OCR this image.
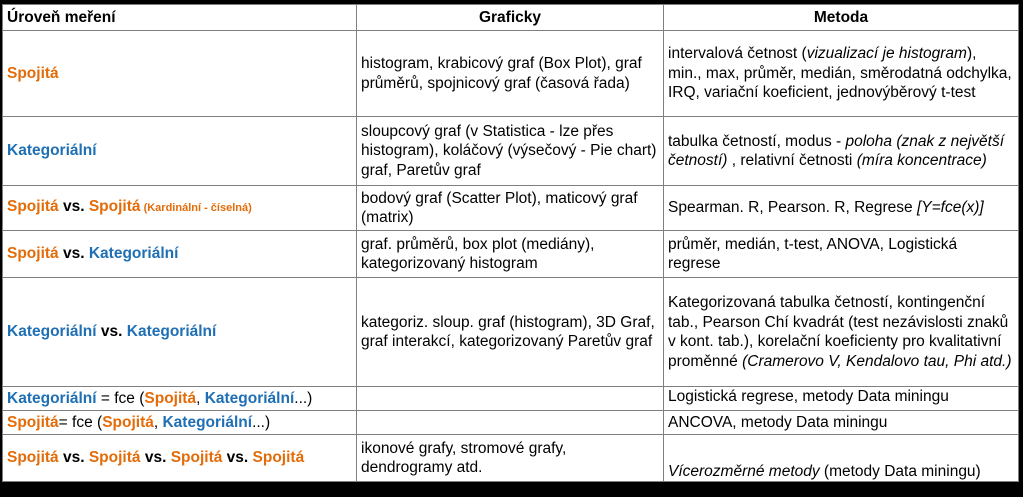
Úroveň meření	Graficky	Metoda
Spojitá	histogram, krabicový graf (Box Plot), graf průměrů, spojnicový graf (časová řada)	intervalová četnost (vizualizací je histogram), min., max, průměr, medián, směrodatná odchylka, IRQ, variační koeficient, jednovýběrový t-test
Kategoriální	sloupcový graf (v Statistica - lze přes histogram), koláčový (výsečový - Pie chart) graf, Paretův graf	tabulka četností, modus - poloha (znak z největší četností) , relativní četnosti (míra koncentrace)
Spojitá vs. Spojitá (Kardinální - číselná)	bodový graf (Scatter Plot), maticový graf (matrix)	Spearman. R, Pearson. R, Regrese [Y=fce(x)]
Spojitá vs. Kategoriální	graf. průměrů, box plot (mediány), kategorizovaný histogram	průměr, medián, t-test, ANOVA, Logistická regrese
Kategoriální vs. Kategoriální	kategoriz. sloup. graf (histogram), 3D Graf, graf interakcí, kategorizovaný Paretův graf	Kategorizovaná tabulka četností, kontingenční tab., Pearson Chí kvadrát (test nezávislosti znaků v kont. tab.), korelační koeficienty pro kvalitativní proměnné (Cramerovo V, Kendalovo tau, Phi atd.)
Kategoriální = fce (Spojitá, Kategoriální...)		Logistická regrese, metody Data miningu
Spojitá= fce (Spojitá, Kategoriální...)		ANCOVA, metody Data miningu
Spojitá vs. Spojitá vs. Spojitá vs. Spojitá	ikonové grafy, stromové grafy, dendrogramy atd.	Vícerozměrné metody (metody Data miningu)
